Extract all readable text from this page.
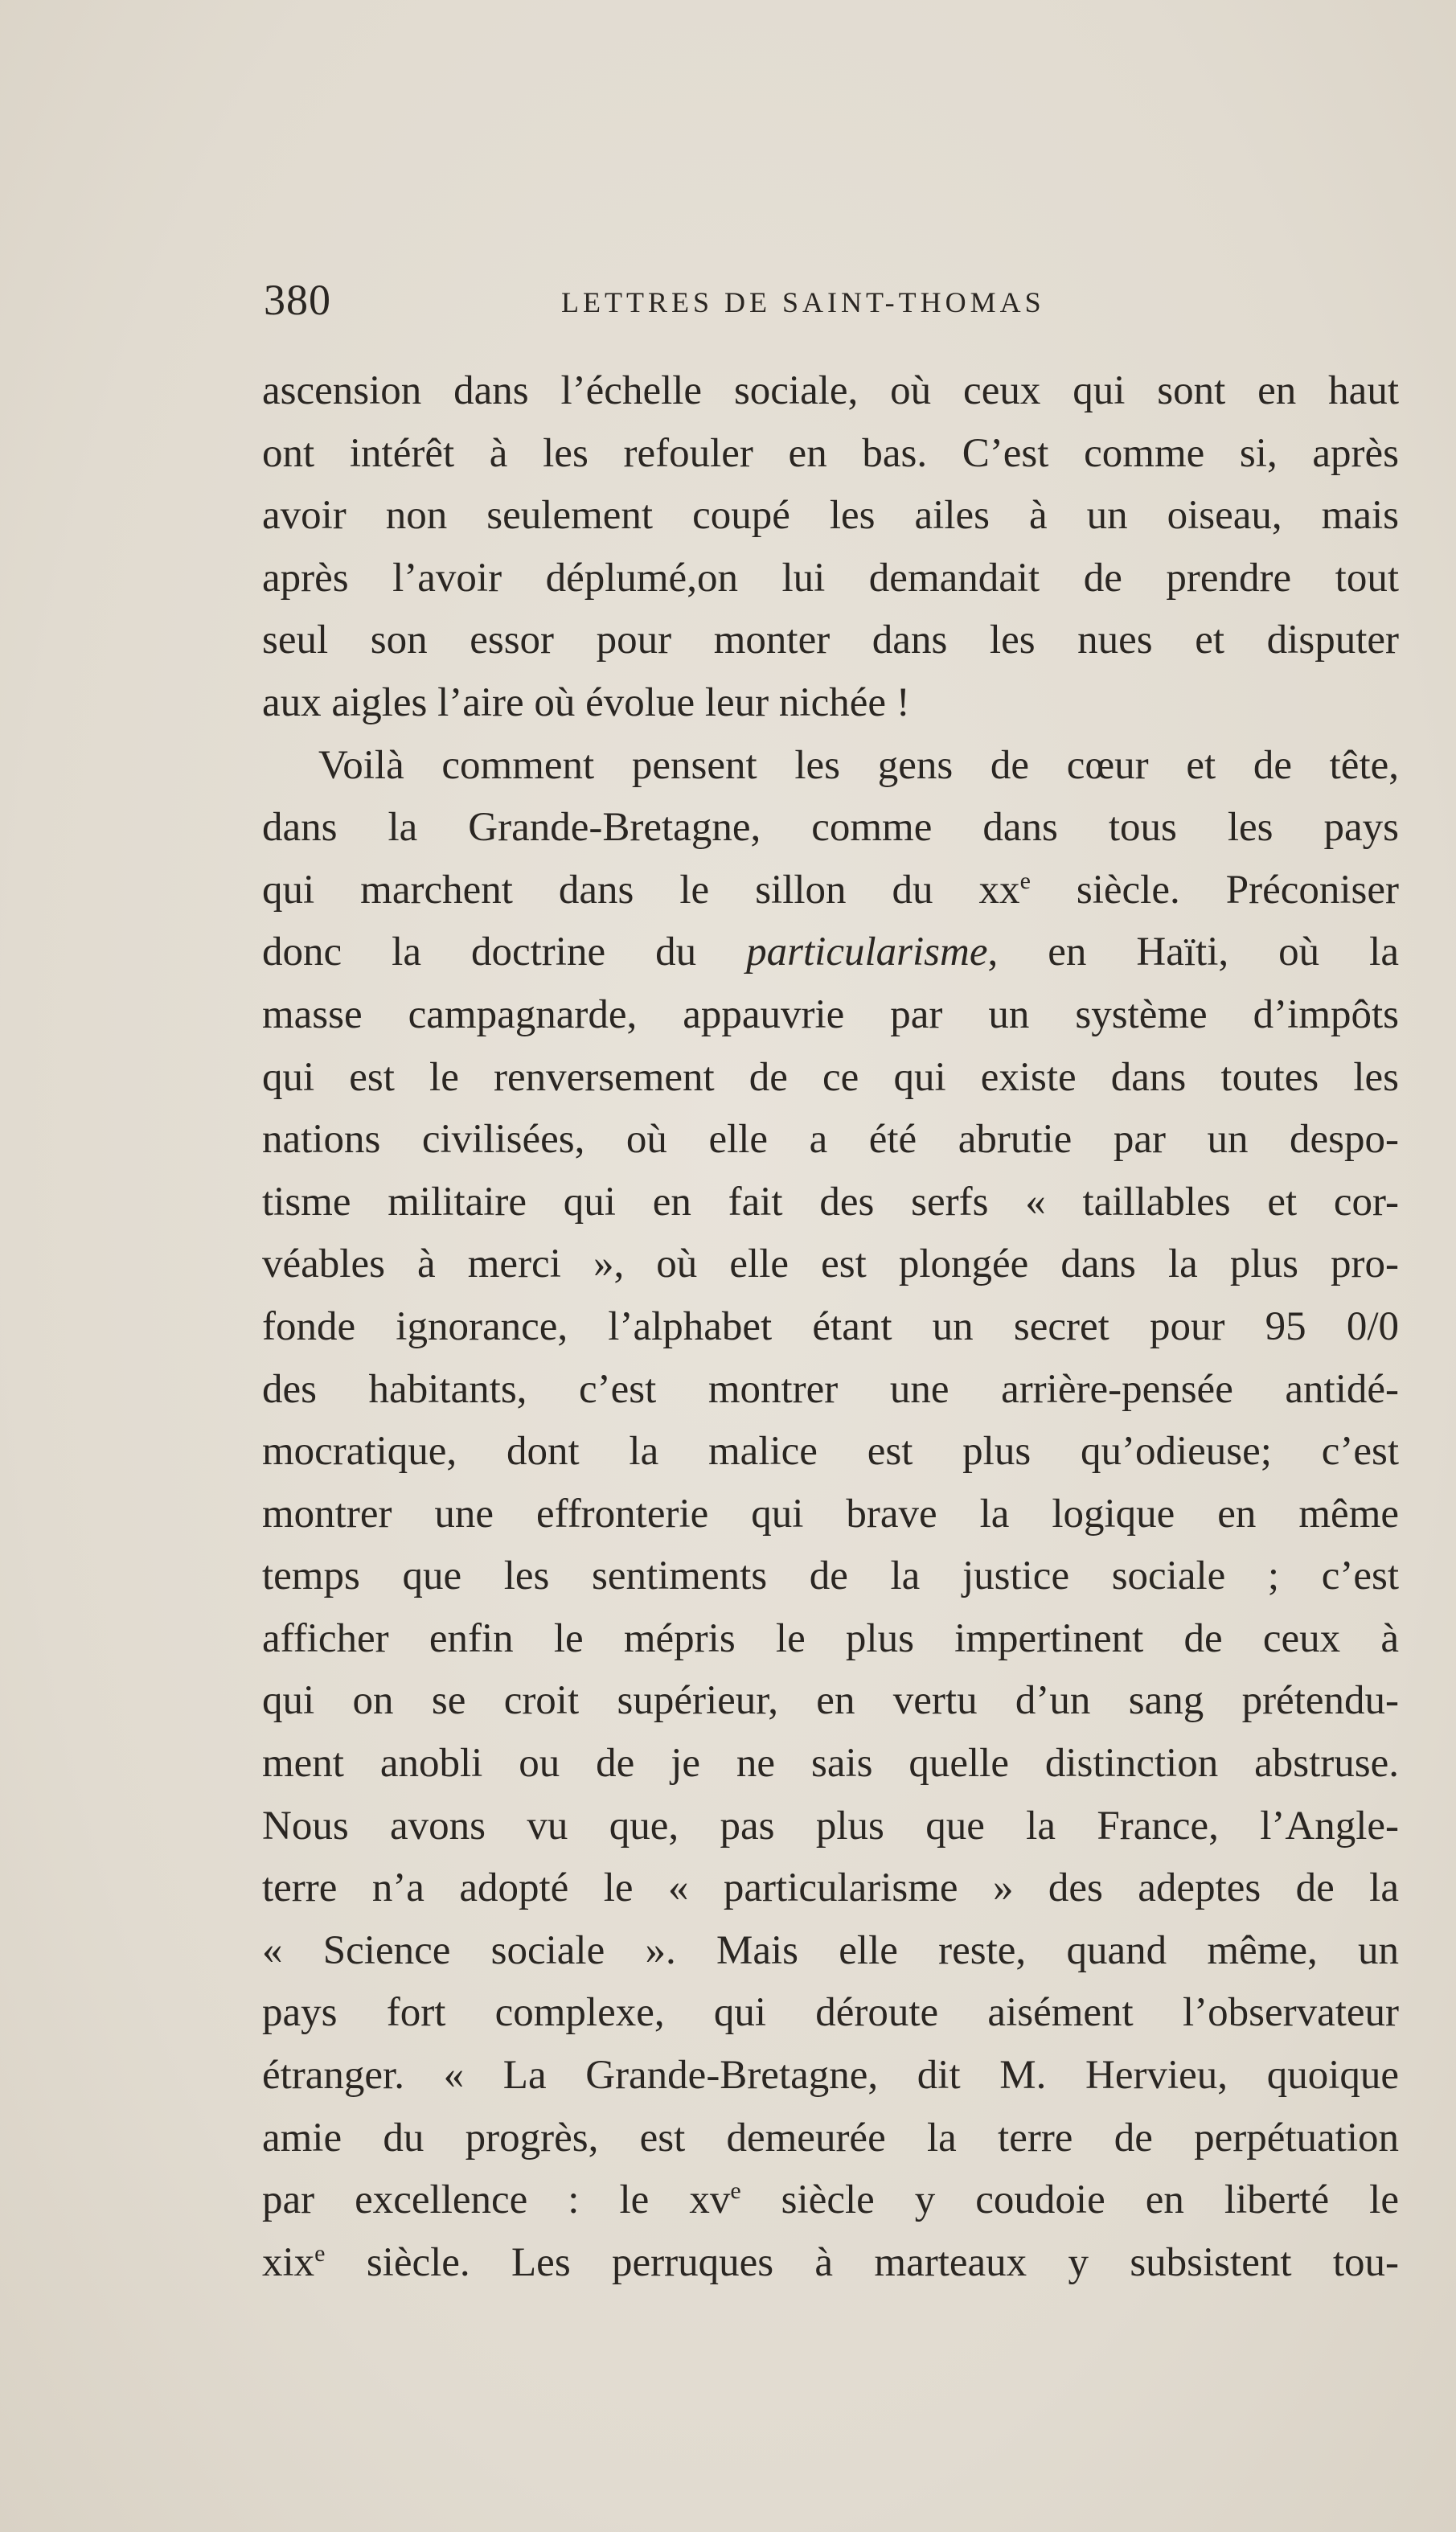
380	LETTRES DE SAINT-THOMAS
ascension dans l’échelle sociale, où ceux qui sont en haut
ont intérêt à les refouler en bas. C’est comme si, après
avoir non seulement coupé les ailes à un oiseau, mais
après l’avoir déplumé,on lui demandait de prendre tout
seul son essor pour monter dans les nues et disputer
aux aigles l’aire où évolue leur nichée !
Voilà comment pensent les gens de cœur et de tête,
dans la Grande-Bretagne, comme dans tous les pays
qui marchent dans le sillon du $xx^e$ siècle. Préconiser
donc la doctrine du particularisme, en Haïti, où la
masse campagnarde, appauvrie par un système d’impôts
qui est le renversement de ce qui existe dans toutes les
nations civilisées, où elle a été abrutie par un despo-
tisme militaire qui en fait des serfs « taillables et cor-
véables à merci », où elle est plongée dans la plus pro-
fonde ignorance, l’alphabet étant un secret pour 95 0/0
des habitants, c’est montrer une arrière-pensée antidé-
mocratique, dont la malice est plus qu’odieuse; c’est
montrer une effronterie qui brave la logique en même
temps que les sentiments de la justice sociale ; c’est
afficher enfin le mépris le plus impertinent de ceux à
qui on se croit supérieur, en vertu d’un sang prétendu-
ment anobli ou de je ne sais quelle distinction abstruse.
Nous avons vu que, pas plus que la France, l’Angle-
terre n’a adopté le « particularisme » des adeptes de la
« Science sociale ». Mais elle reste, quand même, un
pays fort complexe, qui déroute aisément l’observateur
étranger. « La Grande-Bretagne, dit M. Hervieu, quoique
amie du progrès, est demeurée la terre de perpétuation
par excellence : le $xv^e$ siècle y coudoie en liberté le
xix$^e$ siècle. Les perruques à marteaux y subsistent tou-
